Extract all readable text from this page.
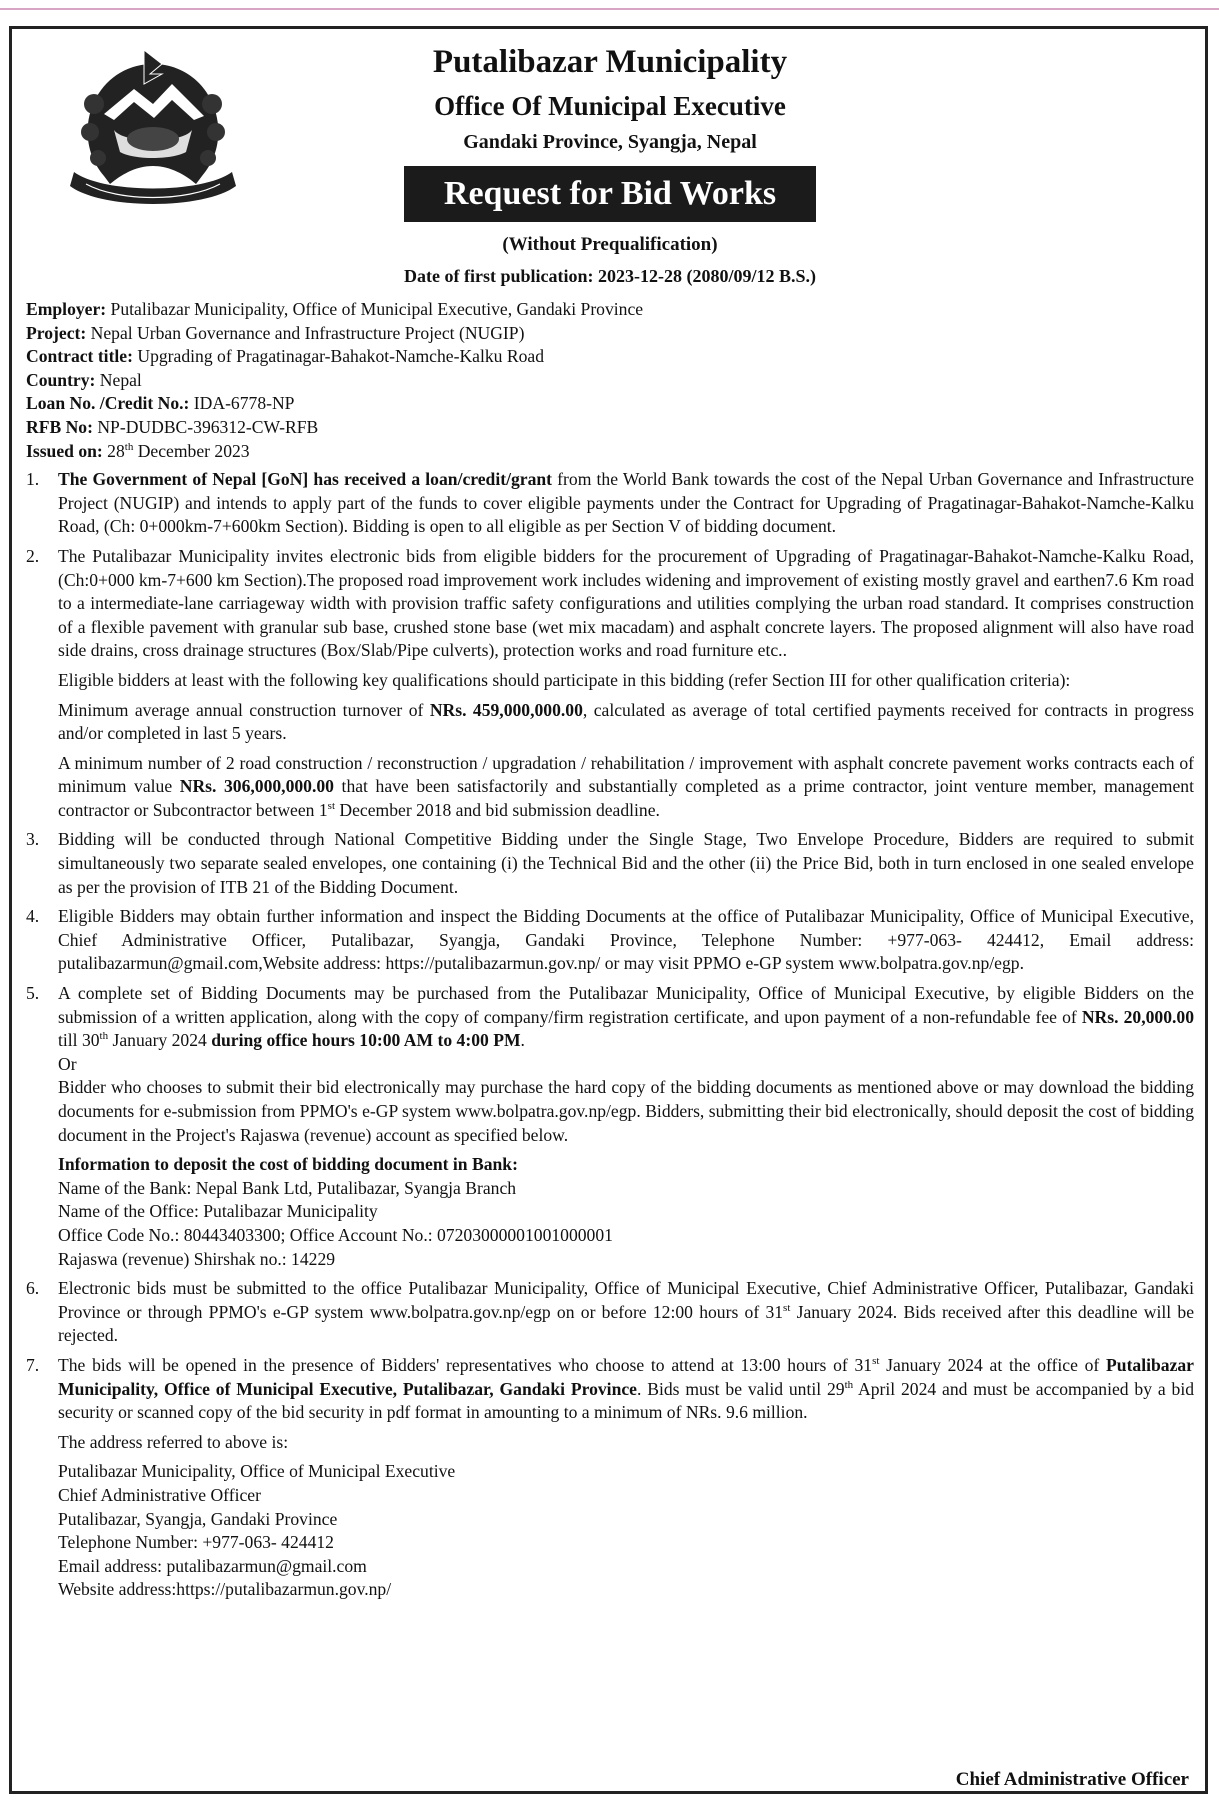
Putalibazar Municipality
Office Of Municipal Executive
Gandaki Province, Syangja, Nepal
Request for Bid Works
(Without Prequalification)
Date of first publication: 2023-12-28 (2080/09/12 B.S.)
Employer: Putalibazar Municipality, Office of Municipal Executive, Gandaki Province
Project: Nepal Urban Governance and Infrastructure Project (NUGIP)
Contract title: Upgrading of Pragatinagar-Bahakot-Namche-Kalku Road
Country: Nepal
Loan No. /Credit No.: IDA-6778-NP
RFB No: NP-DUDBC-396312-CW-RFB
Issued on: 28th December 2023
1. The Government of Nepal [GoN] has received a loan/credit/grant from the World Bank towards the cost of the Nepal Urban Governance and Infrastructure Project (NUGIP) and intends to apply part of the funds to cover eligible payments under the Contract for Upgrading of Pragatinagar-Bahakot-Namche-Kalku Road, (Ch: 0+000km-7+600km Section). Bidding is open to all eligible as per Section V of bidding document.
2. The Putalibazar Municipality invites electronic bids from eligible bidders for the procurement of Upgrading of Pragatinagar-Bahakot-Namche-Kalku Road, (Ch:0+000 km-7+600 km Section).The proposed road improvement work includes widening and improvement of existing mostly gravel and earthen7.6 Km road to a intermediate-lane carriageway width with provision traffic safety configurations and utilities complying the urban road standard. It comprises construction of a flexible pavement with granular sub base, crushed stone base (wet mix macadam) and asphalt concrete layers. The proposed alignment will also have road side drains, cross drainage structures (Box/Slab/Pipe culverts), protection works and road furniture etc..

Eligible bidders at least with the following key qualifications should participate in this bidding (refer Section III for other qualification criteria):

Minimum average annual construction turnover of NRs. 459,000,000.00, calculated as average of total certified payments received for contracts in progress and/or completed in last 5 years.

A minimum number of 2 road construction / reconstruction / upgradation / rehabilitation / improvement with asphalt concrete pavement works contracts each of minimum value NRs. 306,000,000.00 that have been satisfactorily and substantially completed as a prime contractor, joint venture member, management contractor or Subcontractor between 1st December 2018 and bid submission deadline.

3. Bidding will be conducted through National Competitive Bidding under the Single Stage, Two Envelope Procedure, Bidders are required to submit simultaneously two separate sealed envelopes, one containing (i) the Technical Bid and the other (ii) the Price Bid, both in turn enclosed in one sealed envelope as per the provision of ITB 21 of the Bidding Document.
4. Eligible Bidders may obtain further information and inspect the Bidding Documents at the office of Putalibazar Municipality, Office of Municipal Executive, Chief Administrative Officer, Putalibazar, Syangja, Gandaki Province, Telephone Number: +977-063- 424412, Email address: putalibazarmun@gmail.com,Website address: https://putalibazarmun.gov.np/ or may visit PPMO e-GP system www.bolpatra.gov.np/egp.
5. A complete set of Bidding Documents may be purchased from the Putalibazar Municipality, Office of Municipal Executive, by eligible Bidders on the submission of a written application, along with the copy of company/firm registration certificate, and upon payment of a non-refundable fee of NRs. 20,000.00 till 30th January 2024 during office hours 10:00 AM to 4:00 PM.
Or

Bidder who chooses to submit their bid electronically may purchase the hard copy of the bidding documents as mentioned above or may download the bidding documents for e-submission from PPMO's e-GP system www.bolpatra.gov.np/egp. Bidders, submitting their bid electronically, should deposit the cost of bidding document in the Project's Rajaswa (revenue) account as specified below.

Information to deposit the cost of bidding document in Bank:
Name of the Bank: Nepal Bank Ltd, Putalibazar, Syangja Branch
Name of the Office: Putalibazar Municipality
Office Code No.: 80443403300; Office Account No.: 07203000001001000001
Rajaswa (revenue) Shirshak no.: 14229
6. Electronic bids must be submitted to the office Putalibazar Municipality, Office of Municipal Executive, Chief Administrative Officer, Putalibazar, Gandaki Province or through PPMO's e-GP system www.bolpatra.gov.np/egp on or before 12:00 hours of 31st January 2024. Bids received after this deadline will be rejected.
7. The bids will be opened in the presence of Bidders' representatives who choose to attend at 13:00 hours of 31st January 2024 at the office of Putalibazar Municipality, Office of Municipal Executive, Putalibazar, Gandaki Province. Bids must be valid until 29th April 2024 and must be accompanied by a bid security or scanned copy of the bid security in pdf format in amounting to a minimum of NRs. 9.6 million.

The address referred to above is:

Putalibazar Municipality, Office of Municipal Executive
Chief Administrative Officer
Putalibazar, Syangja, Gandaki Province
Telephone Number: +977-063- 424412
Email address: putalibazarmun@gmail.com
Website address:https://putalibazarmun.gov.np/
Chief Administrative Officer
